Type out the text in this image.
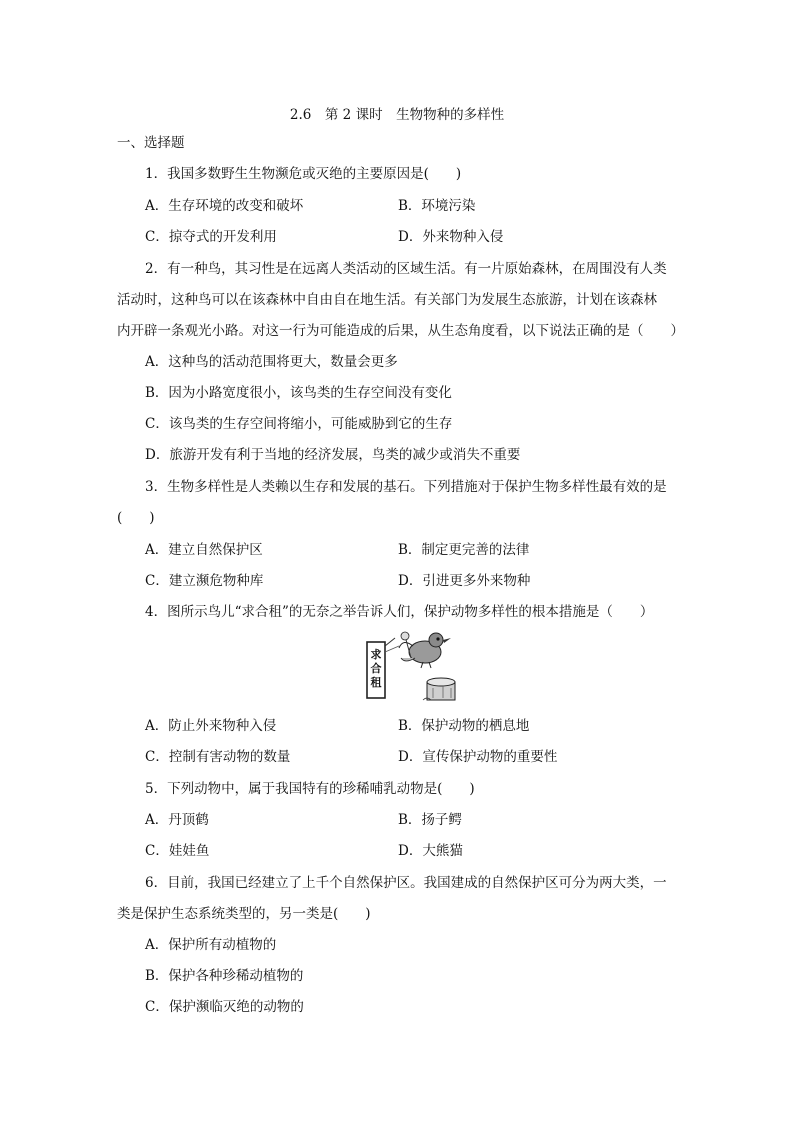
2.6　第 2 课时　生物物种的多样性
一、选择题
1．我国多数野生生物濒危或灭绝的主要原因是(　　)
A．生存环境的改变和破坏	B．环境污染
C．掠夺式的开发利用	D．外来物种入侵
2．有一种鸟，其习性是在远离人类活动的区域生活。有一片原始森林，在周围没有人类
活动时，这种鸟可以在该森林中自由自在地生活。有关部门为发展生态旅游，计划在该森林
内开辟一条观光小路。对这一行为可能造成的后果，从生态角度看，以下说法正确的是（　　）
A．这种鸟的活动范围将更大，数量会更多
B．因为小路宽度很小，该鸟类的生存空间没有变化
C．该鸟类的生存空间将缩小，可能威胁到它的生存
D．旅游开发有利于当地的经济发展，鸟类的减少或消失不重要
3．生物多样性是人类赖以生存和发展的基石。下列措施对于保护生物多样性最有效的是
(　　)
A．建立自然保护区	B．制定更完善的法律
C．建立濒危物种库	D．引进更多外来物种
4．图所示鸟儿“求合租”的无奈之举告诉人们，保护动物多样性的根本措施是（　　）
求合租
A．防止外来物种入侵	B．保护动物的栖息地
C．控制有害动物的数量	D．宣传保护动物的重要性
5．下列动物中，属于我国特有的珍稀哺乳动物是(　　)
A．丹顶鹤	B．扬子鳄
C．娃娃鱼	D．大熊猫
6．目前，我国已经建立了上千个自然保护区。我国建成的自然保护区可分为两大类，一
类是保护生态系统类型的，另一类是(　　)
A．保护所有动植物的
B．保护各种珍稀动植物的
C．保护濒临灭绝的动物的
